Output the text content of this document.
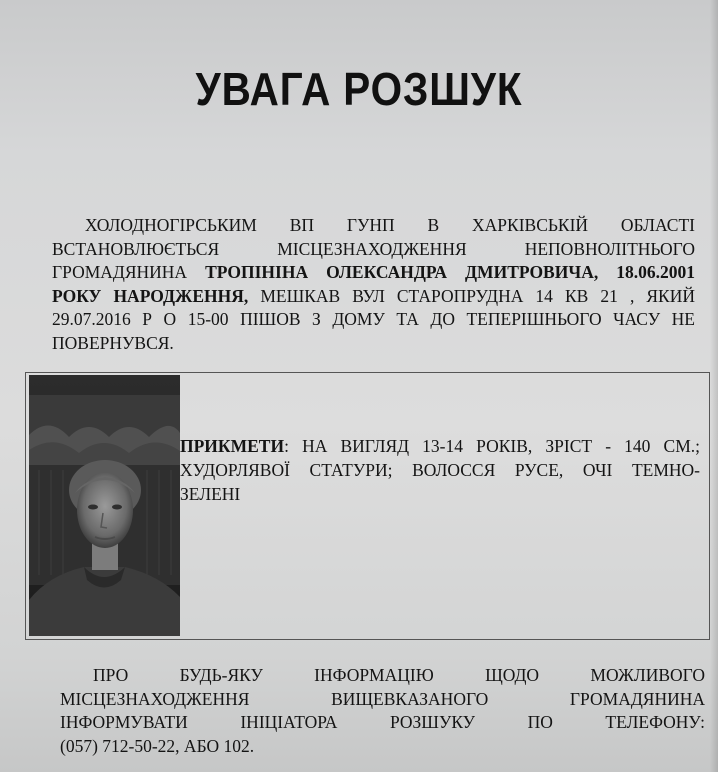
УВАГА РОЗШУК

ХОЛОДНОГІРСЬКИМ ВП ГУНП В ХАРКІВСЬКІЙ ОБЛАСТІ
ВСТАНОВЛЮЄТЬСЯ МІСЦЕЗНАХОДЖЕННЯ НЕПОВНОЛІТНЬОГО
ГРОМАДЯНИНА ТРОПІНІНА ОЛЕКСАНДРА ДМИТРОВИЧА, 18.06.2001
РОКУ НАРОДЖЕННЯ, МЕШКАВ ВУЛ СТАРОПРУДНА 14 КВ 21 , ЯКИЙ
29.07.2016 Р О 15-00 ПІШОВ З ДОМУ ТА ДО ТЕПЕРІШНЬОГО ЧАСУ НЕ
ПОВЕРНУВСЯ.

ПРИКМЕТИ: НА ВИГЛЯД 13-14 РОКІВ, ЗРІСТ - 140 СМ.;
ХУДОРЛЯВОЇ СТАТУРИ; ВОЛОССЯ РУСЕ, ОЧІ ТЕМНО-
ЗЕЛЕНІ

ПРО БУДЬ-ЯКУ ІНФОРМАЦІЮ ЩОДО МОЖЛИВОГО
МІСЦЕЗНАХОДЖЕННЯ ВИЩЕВКАЗАНОГО ГРОМАДЯНИНА
ІНФОРМУВАТИ ІНІЦІАТОРА РОЗШУКУ ПО ТЕЛЕФОНУ:
(057) 712-50-22, АБО 102.
